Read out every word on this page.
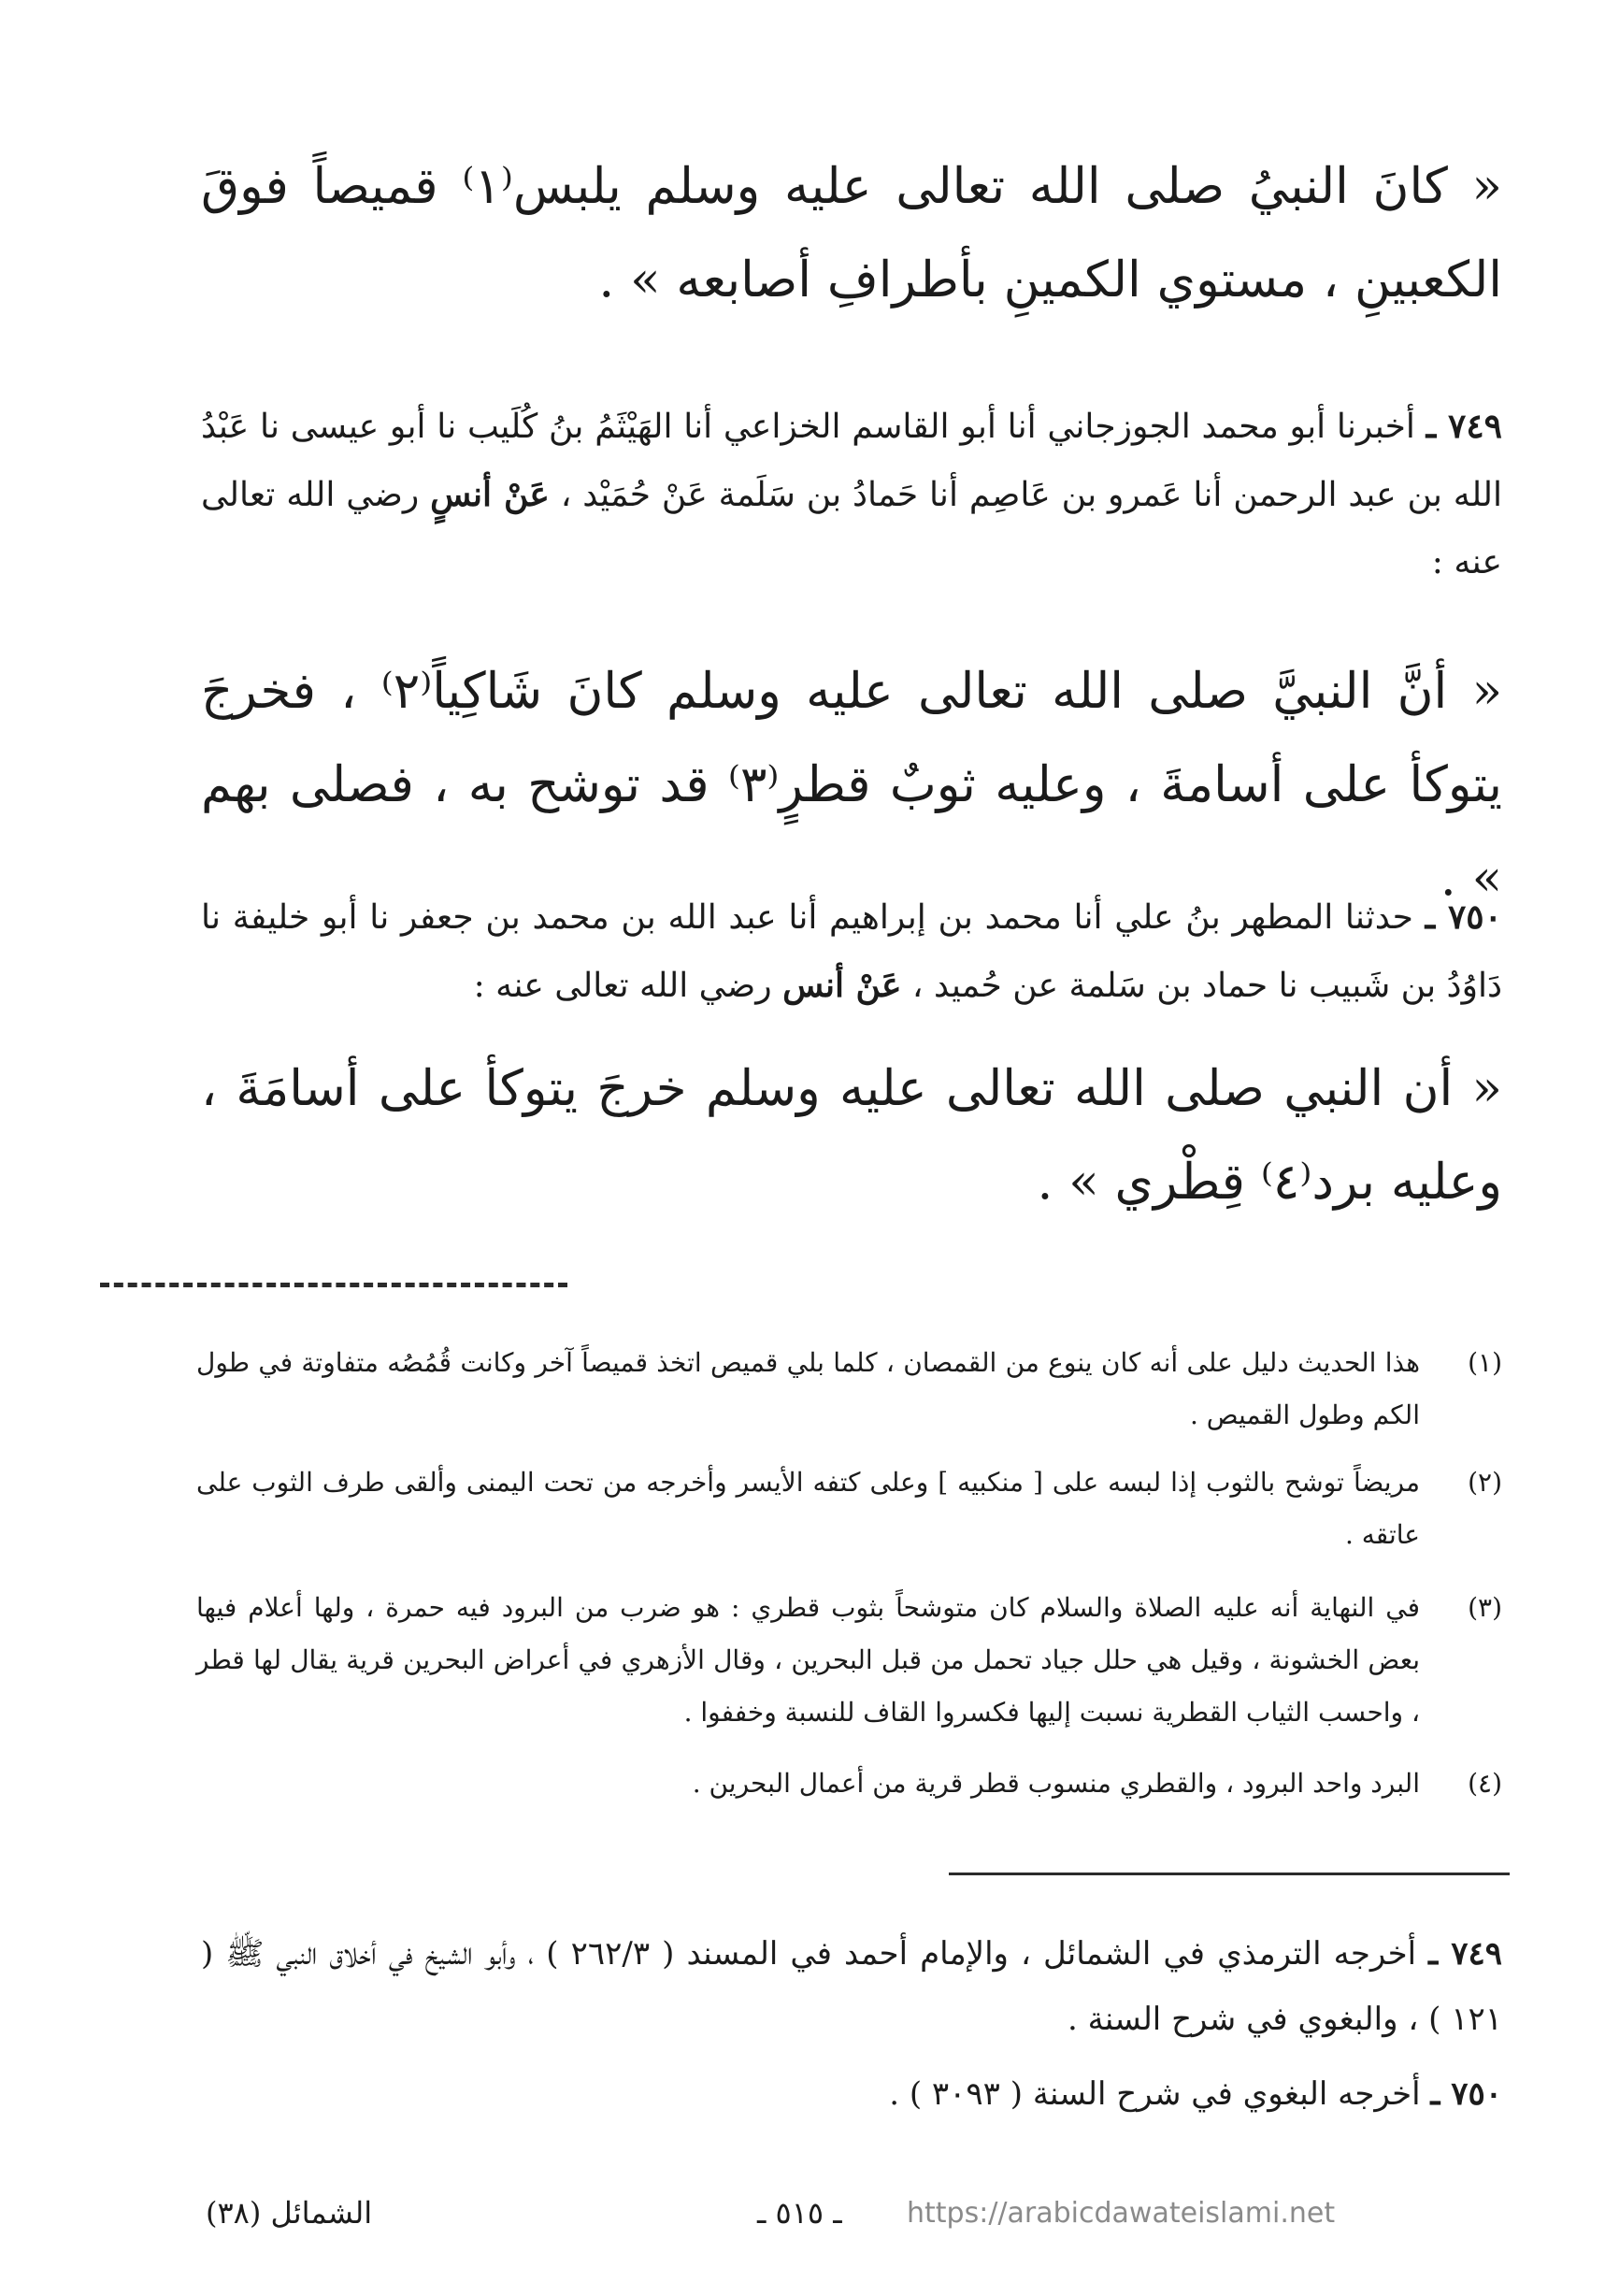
« كانَ النبيُ صلى الله تعالى عليه وسلم يلبس⁽١⁾ قميصاً فوقَ الكعبينِ ، مستوي الكمينِ بأطرافِ أصابعه » .
٧٤٩ ـ أخبرنا أبو محمد الجوزجاني أنا أبو القاسم الخزاعي أنا الهَيْثَمُ بنُ كُلَيب نا أبو عيسى نا عَبْدُ الله بن عبد الرحمن أنا عَمرو بن عَاصِم أنا حَمادُ بن سَلَمة عَنْ حُمَيْد ، عَنْ أنسٍ رضي الله تعالى عنه :
« أنَّ النبيَّ صلى الله تعالى عليه وسلم كانَ شَاكِياً⁽٢⁾ ، فخرجَ يتوكأ على أسامةَ ، وعليه ثوبٌ قطرٍ⁽٣⁾ قد توشح به ، فصلى بهم » .
٧٥٠ ـ حدثنا المطهر بنُ علي أنا محمد بن إبراهيم أنا عبد الله بن محمد بن جعفر نا أبو خليفة نا دَاوُدُ بن شَبيب نا حماد بن سَلمة عن حُميد ، عَنْ أنس رضي الله تعالى عنه :
« أن النبي صلى الله تعالى عليه وسلم خرجَ يتوكأ على أسامَةَ ، وعليه برد⁽٤⁾ قِطْري » .
(١)
هذا الحديث دليل على أنه كان ينوع من القمصان ، كلما بلي قميص اتخذ قميصاً آخر وكانت قُمُصُه متفاوتة في طول الكم وطول القميص .
(٢)
مريضاً توشح بالثوب إذا لبسه على [ منكبيه ] وعلى كتفه الأيسر وأخرجه من تحت اليمنى وألقى طرف الثوب على عاتقه .
(٣)
في النهاية أنه عليه الصلاة والسلام كان متوشحاً بثوب قطري : هو ضرب من البرود فيه حمرة ، ولها أعلام فيها بعض الخشونة ، وقيل هي حلل جياد تحمل من قبل البحرين ، وقال الأزهري في أعراض البحرين قرية يقال لها قطر ، واحسب الثياب القطرية نسبت إليها فكسروا القاف للنسبة وخففوا .
(٤)
البرد واحد البرود ، والقطري منسوب قطر قرية من أعمال البحرين .
٧٤٩ ـ أخرجه الترمذي في الشمائل ، والإمام أحمد في المسند ( ٢٦٢/٣ ) ، وأبو الشيخ في أخلاق النبي ﷺ ( ١٢١ ) ، والبغوي في شرح السنة .
٧٥٠ ـ أخرجه البغوي في شرح السنة ( ٣٠٩٣ ) .
الشمائل (٣٨)	ـ ٥١٥ ـ https://arabicdawateislami.net
